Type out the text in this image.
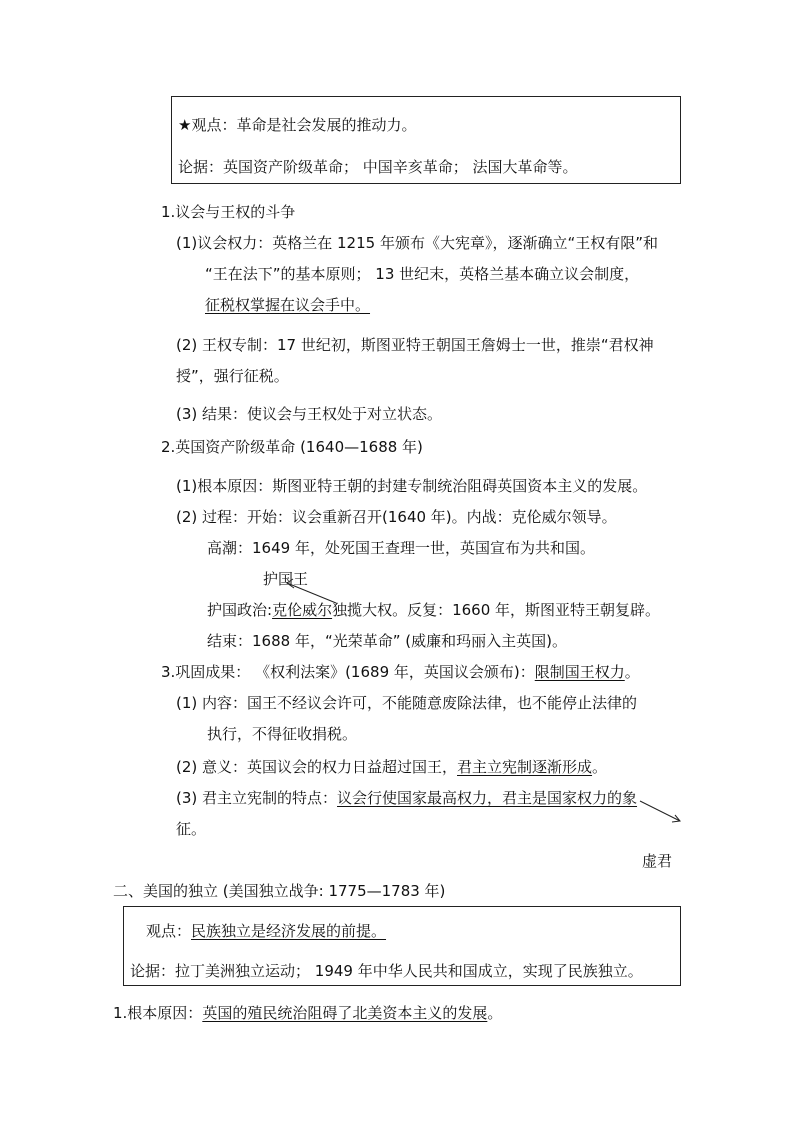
★观点：革命是社会发展的推动力。
论据：英国资产阶级革命； 中国辛亥革命； 法国大革命等。
1.议会与王权的斗争
(1)议会权力：英格兰在 1215 年颁布《大宪章》，逐渐确立“王权有限”和
“王在法下”的基本原则； 13 世纪末，英格兰基本确立议会制度，
征税权掌握在议会手中。
(2) 王权专制：17 世纪初，斯图亚特王朝国王詹姆士一世，推崇“君权神
授”，强行征税。
(3) 结果：使议会与王权处于对立状态。
2.英国资产阶级革命 (1640—1688 年)
(1)根本原因：斯图亚特王朝的封建专制统治阻碍英国资本主义的发展。
(2) 过程：开始：议会重新召开(1640 年)。内战：克伦威尔领导。
高潮：1649 年，处死国王查理一世，英国宣布为共和国。
护国王
护国政治:克伦威尔独揽大权。反复：1660 年，斯图亚特王朝复辟。
结束：1688 年，“光荣革命” (威廉和玛丽入主英国)。
3.巩固成果： 《权利法案》(1689 年，英国议会颁布)：限制国王权力。
(1) 内容：国王不经议会许可，不能随意废除法律，也不能停止法律的
执行，不得征收捐税。
(2) 意义：英国议会的权力日益超过国王，君主立宪制逐渐形成。
(3) 君主立宪制的特点：议会行使国家最高权力，君主是国家权力的象
征。
虚君
二、美国的独立 (美国独立战争: 1775—1783 年)
观点：民族独立是经济发展的前提。
论据：拉丁美洲独立运动； 1949 年中华人民共和国成立，实现了民族独立。
1.根本原因：英国的殖民统治阻碍了北美资本主义的发展。
